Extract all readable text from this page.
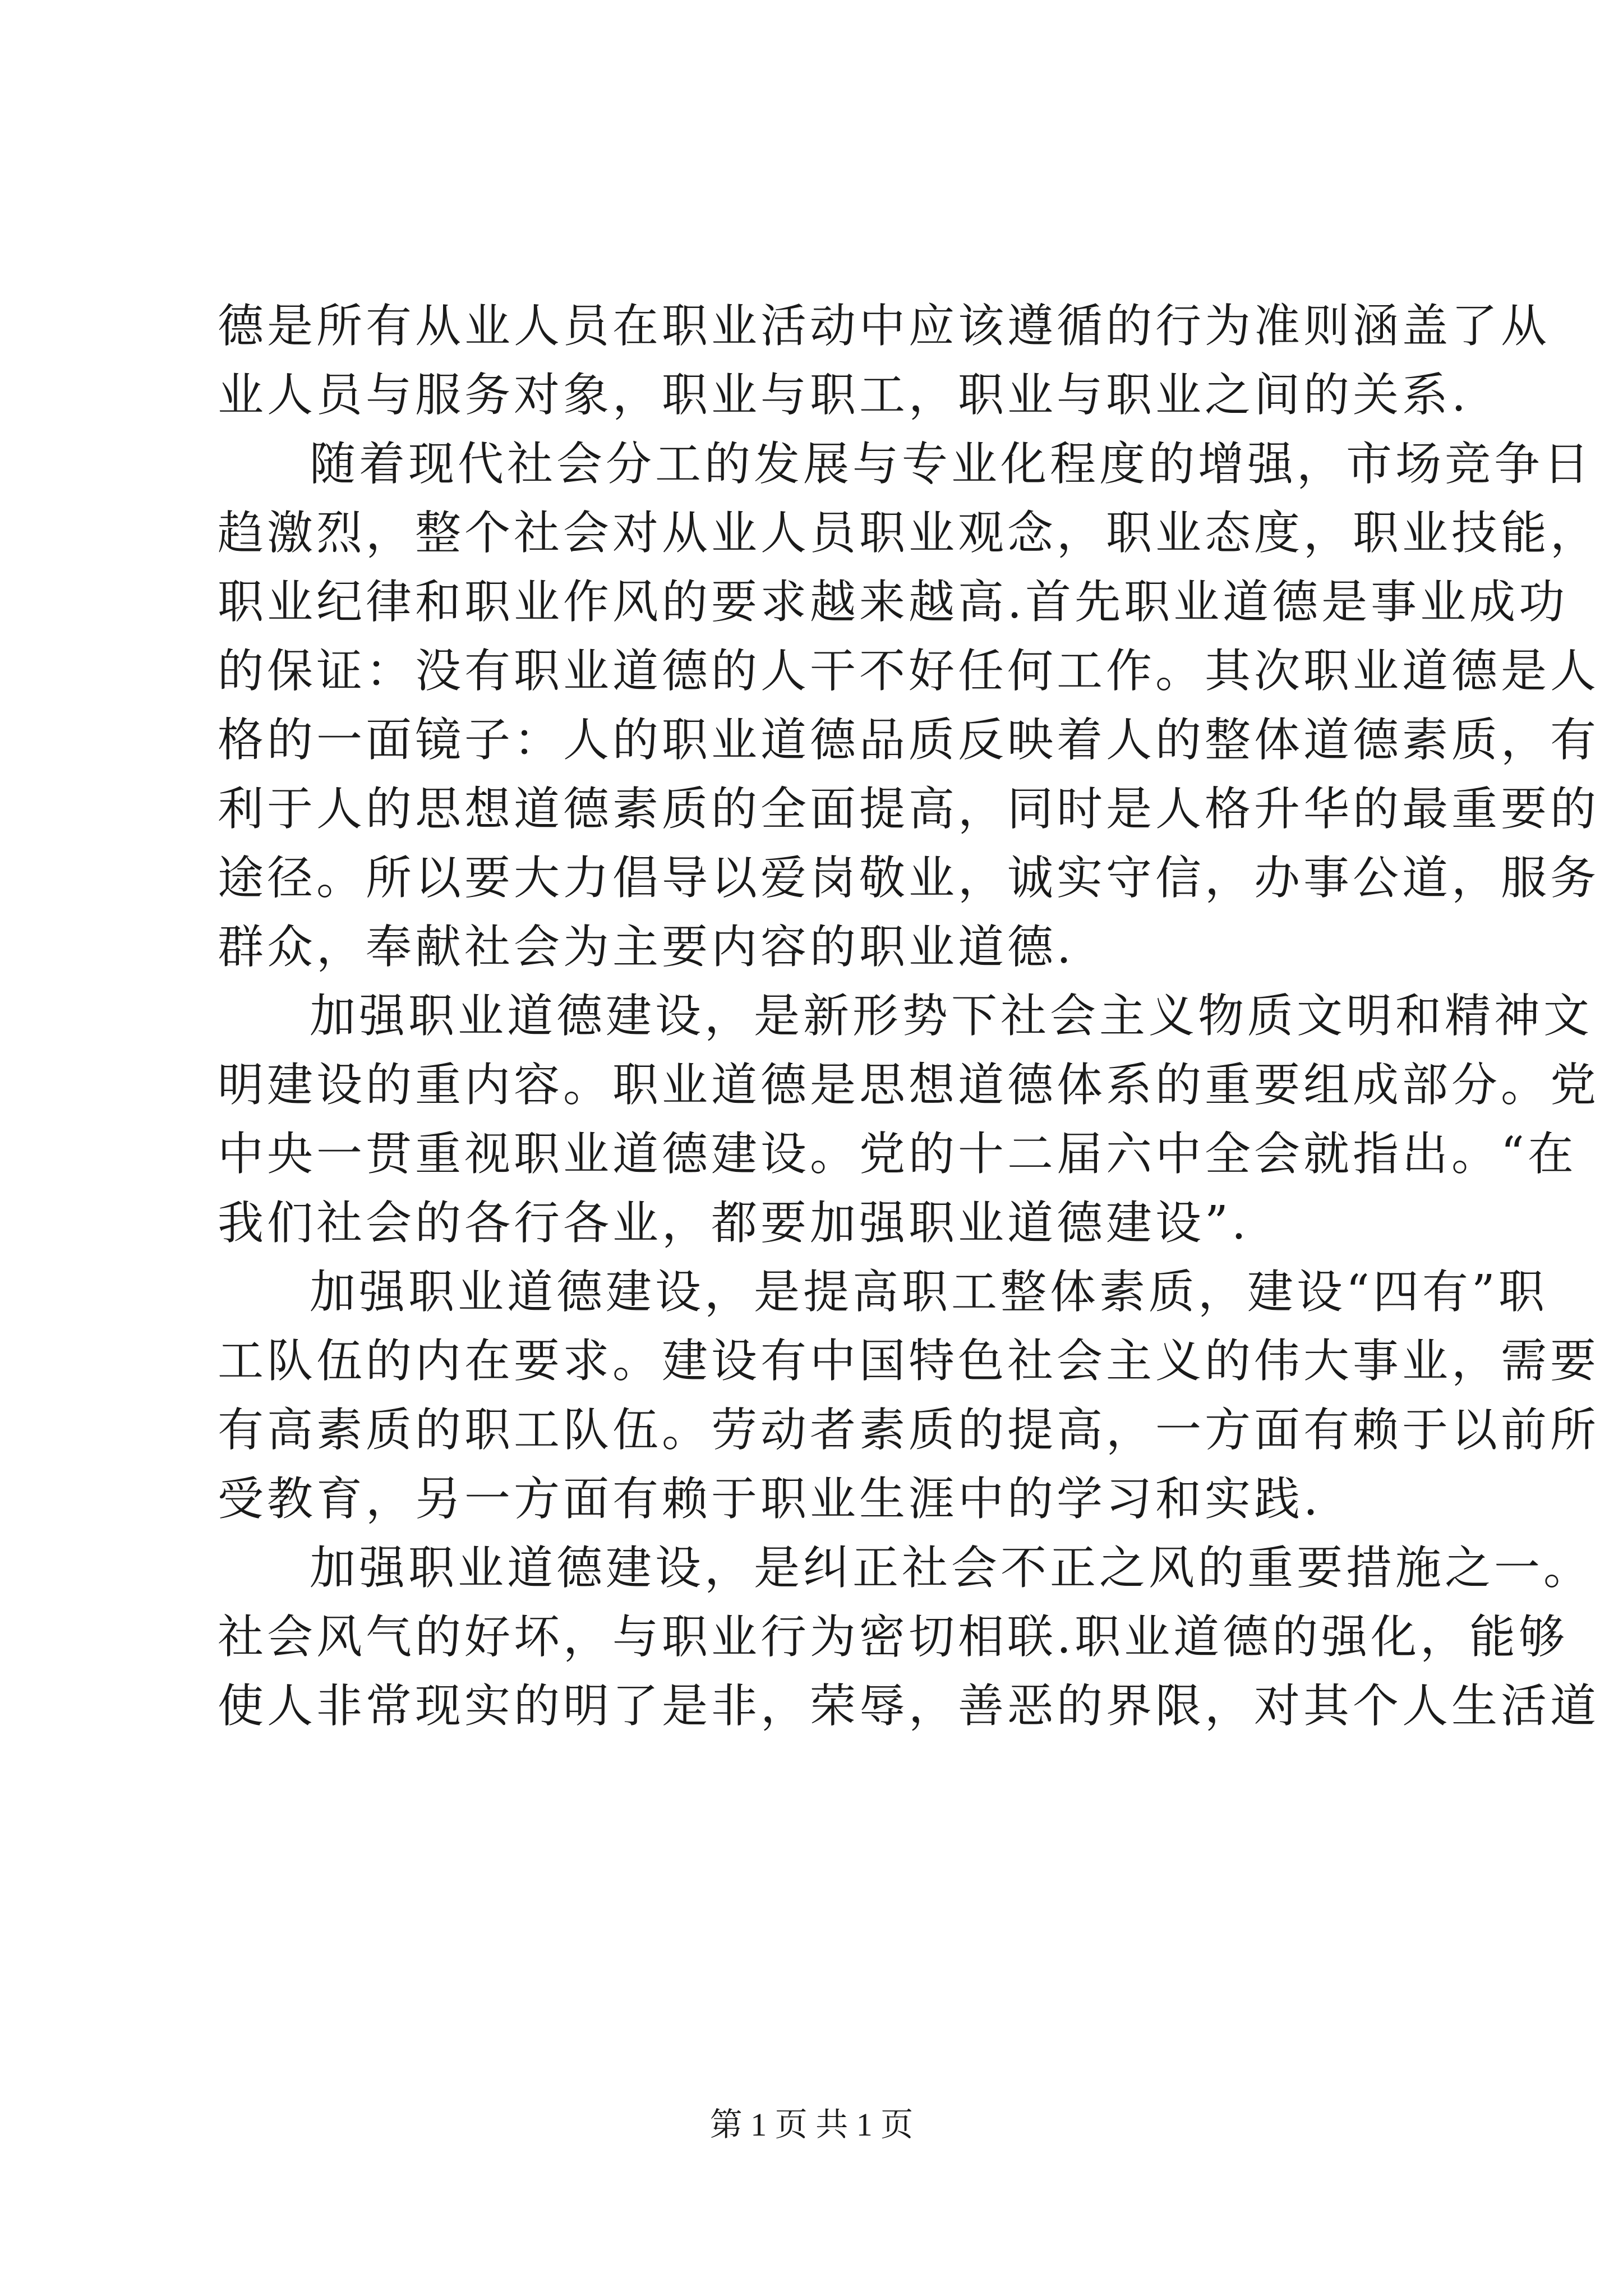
德是所有从业人员在职业活动中应该遵循的行为准则涵盖了从
业人员与服务对象，职业与职工，职业与职业之间的关系.
随着现代社会分工的发展与专业化程度的增强，市场竞争日
趋激烈，整个社会对从业人员职业观念，职业态度，职业技能，
职业纪律和职业作风的要求越来越高.首先职业道德是事业成功
的保证：没有职业道德的人干不好任何工作。其次职业道德是人
格的一面镜子：人的职业道德品质反映着人的整体道德素质，有
利于人的思想道德素质的全面提高，同时是人格升华的最重要的
途径。所以要大力倡导以爱岗敬业，诚实守信，办事公道，服务
群众，奉献社会为主要内容的职业道德.
加强职业道德建设，是新形势下社会主义物质文明和精神文
明建设的重内容。职业道德是思想道德体系的重要组成部分。党
中央一贯重视职业道德建设。党的十二届六中全会就指出。“在
我们社会的各行各业，都要加强职业道德建设”.
加强职业道德建设，是提高职工整体素质，建设“四有”职
工队伍的内在要求。建设有中国特色社会主义的伟大事业，需要
有高素质的职工队伍。劳动者素质的提高，一方面有赖于以前所
受教育，另一方面有赖于职业生涯中的学习和实践.
加强职业道德建设，是纠正社会不正之风的重要措施之一。
社会风气的好坏，与职业行为密切相联.职业道德的强化，能够
使人非常现实的明了是非，荣辱，善恶的界限，对其个人生活道
第 1 页 共 1 页
